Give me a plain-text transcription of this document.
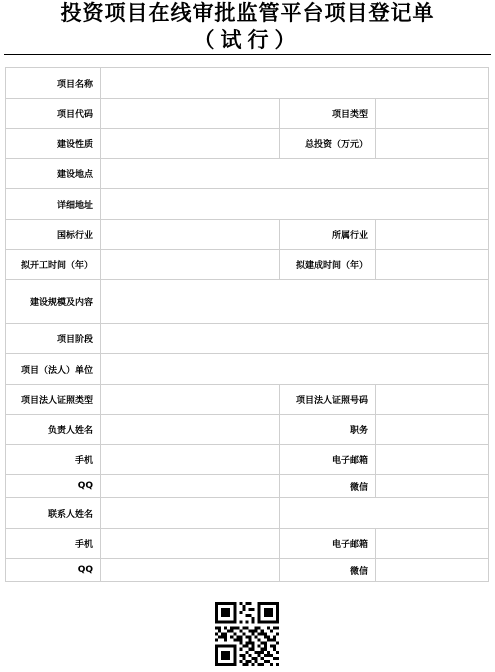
投资项目在线审批监管平台项目登记单
（试行）
项目名称			
项目代码		项目类型	
建设性质		总投资（万元）	
建设地点			
详细地址			
国标行业		所属行业	
拟开工时间（年）		拟建成时间（年）	
建设规模及内容			
项目阶段			
项目（法人）单位			
项目法人证照类型		项目法人证照号码	
负责人姓名		职务	
手机		电子邮箱	
QQ		微信	
联系人姓名			
手机		电子邮箱	
QQ		微信	
